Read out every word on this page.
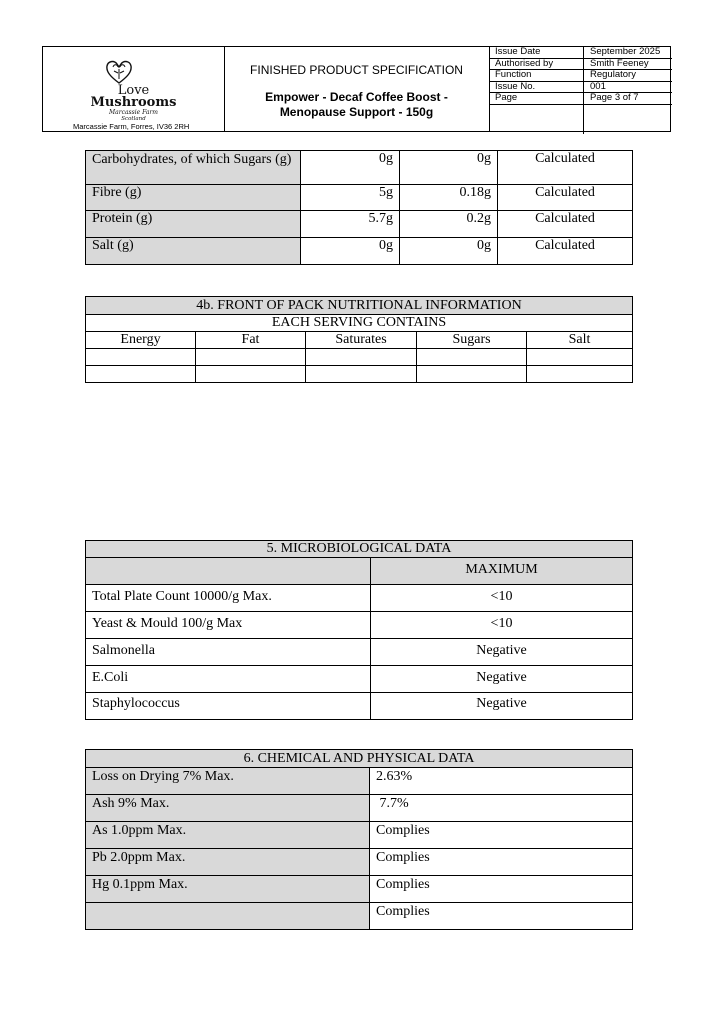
Love
Mushrooms
Marcassie Farm
Scotland
Marcassie Farm, Forres, IV36 2RH
FINISHED PRODUCT SPECIFICATION
Empower - Decaf Coffee Boost - Menopause Support - 150g
Issue Date	September 2025
Authorised by	Smith Feeney
Function	Regulatory
Issue No.	001
Page	Page 3 of 7

Carbohydrates, of which Sugars (g)	0g	0g	Calculated
Fibre (g)	5g	0.18g	Calculated
Protein (g)	5.7g	0.2g	Calculated
Salt (g)	0g	0g	Calculated
4b. FRONT OF PACK NUTRITIONAL INFORMATION				
EACH SERVING CONTAINS				
Energy	Fat	Saturates	Sugars	Salt

5. MICROBIOLOGICAL DATA	
	MAXIMUM
Total Plate Count 10000/g Max.	<10
Yeast & Mould 100/g Max	<10
Salmonella	Negative
E.Coli	Negative
Staphylococcus	Negative
6. CHEMICAL AND PHYSICAL DATA	
Loss on Drying 7% Max.	2.63%
Ash 9% Max.	7.7%
As 1.0ppm Max.	Complies
Pb 2.0ppm Max.	Complies
Hg 0.1ppm Max.	Complies
	Complies
